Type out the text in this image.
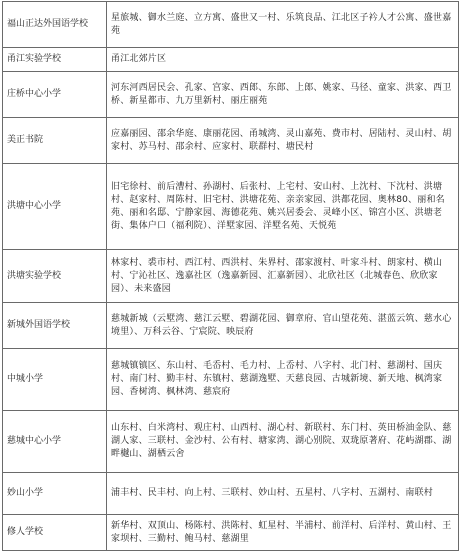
福山正达外国语学校	星旅城、御水兰庭、立方寓、盛世又一村、乐筑良品、江北区子衿人才公寓、盛世嘉苑
甬江实验学校	甬江北郊片区
庄桥中心小学	河东河西居民会、孔家、宫家、西郎、东郎、上郎、姚家、马径、童家、洪家、西卫桥、新星都市、九万里新村、丽庄丽苑
美正书院	应嘉丽园、邵余华庭、康丽花园、甬城湾、灵山嘉苑、费市村、居陆村、灵山村、胡家村、苏马村、邵余村、应家村、联群村、塘民村
洪塘中心小学	旧宅徐村、前后漕村、孙湖村、后张村、上宅村、安山村、上沈村、下沈村、洪塘村、赵家村、周陈村、旧宅村、洪塘花苑、亲亲家园、洪都花园、奥林80、丽和名苑、丽和名邸、宁静家园、海德花苑、姚兴居委会、灵峰小区、锦宫小区、洪塘老街、集体户口（福利院）、洋墅家园、洋墅名苑、天悦苑
洪塘实验学校	林家村、裘市村、西江村、西洪村、朱界村、邵家渡村、叶家斗村、朗家村、横山村、宁沁社区、逸嘉社区（逸嘉新园、汇嘉新园）、北欣社区（北城春色、欣欣家园）、未来盛园
新城外国语学校	慈城新城（云墅湾、慈江云墅、碧湖花园、御章府、官山望花苑、湛蓝云筑、慈水心境里）、万科云谷、宁宸院、映辰府
中城小学	慈城镇镇区、东山村、毛岙村、毛力村、上岙村、八字村、北门村、慈湖村、国庆村、南门村、勤丰村、东镇村、慈湖逸墅、天慈良园、古城新境、新天地、枫湾家园、香树湾、枫林湾、慈宸府
慈城中心小学	山东村、白米湾村、观庄村、山西村、湖心村、新联村、东门村、英田桥油金队、慈湖人家、三联村、金沙村、公有村、塘家湾、湖心别院、双珑原著府、花屿湖郡、湖畔樾山、湖栖云舍
妙山小学	浦丰村、民丰村、向上村、三联村、妙山村、五星村、八字村、五湖村、南联村
修人学校	新华村、双顶山、杨陈村、洪陈村、虹星村、半浦村、前洋村、后洋村、黄山村、王家坝村、三勤村、鲍马村、慈湖里
